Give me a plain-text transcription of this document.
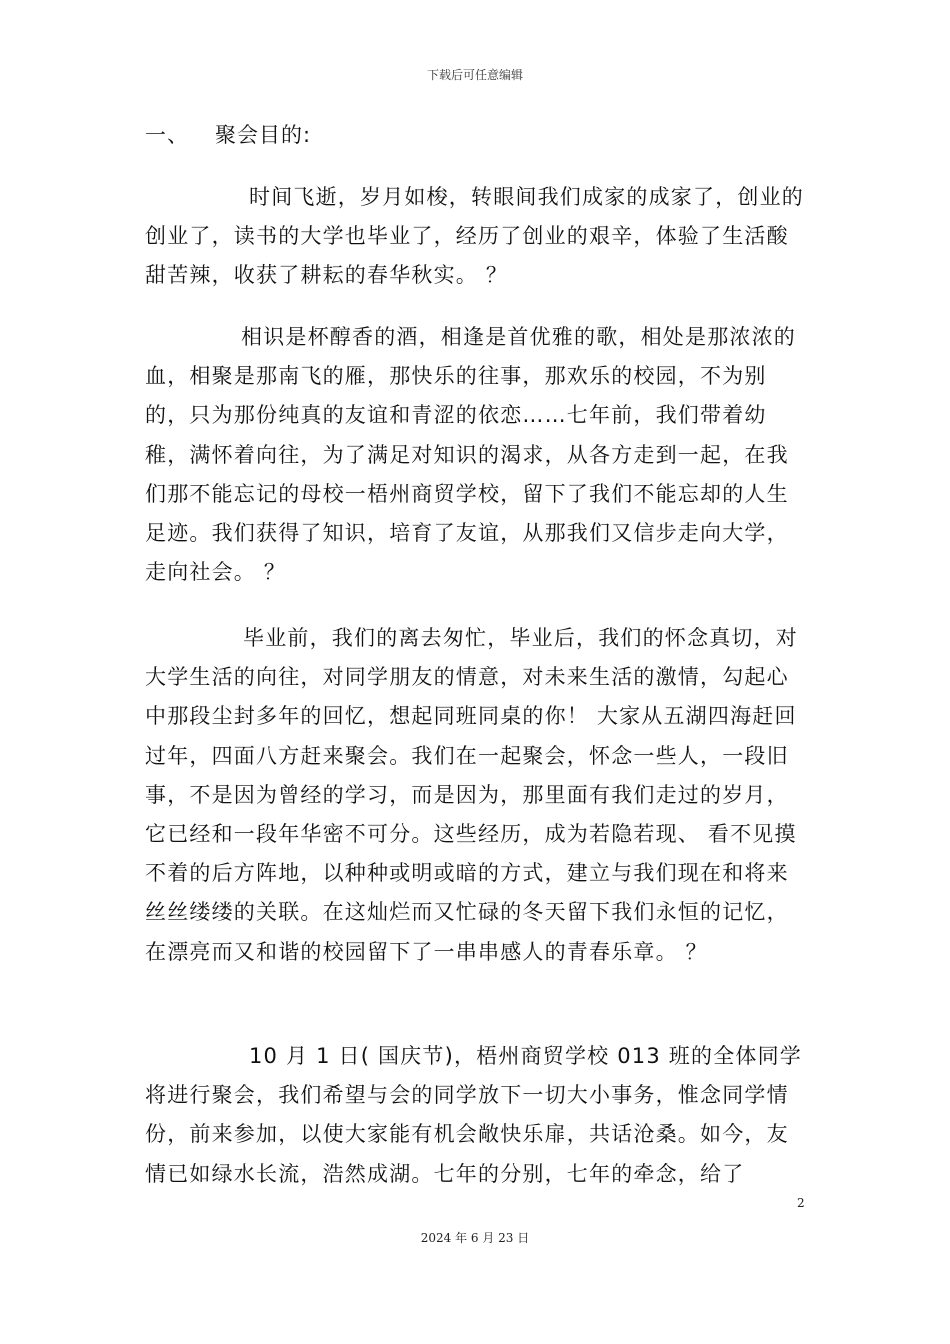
下载后可任意编辑
一、 聚会目的:
时间飞逝，岁月如梭，转眼间我们成家的成家了，创业的创业了，读书的大学也毕业了，经历了创业的艰辛，体验了生活酸甜苦辣，收获了耕耘的春华秋实。 ？
相识是杯醇香的酒，相逢是首优雅的歌，相处是那浓浓的血，相聚是那南飞的雁，那快乐的往事，那欢乐的校园，不为别的，只为那份纯真的友谊和青涩的依恋……七年前，我们带着幼稚，满怀着向往，为了满足对知识的渴求，从各方走到一起，在我们那不能忘记的母校一梧州商贸学校，留下了我们不能忘却的人生足迹。我们获得了知识，培育了友谊，从那我们又信步走向大学，走向社会。 ？
毕业前，我们的离去匆忙，毕业后，我们的怀念真切，对大学生活的向往，对同学朋友的情意，对未来生活的激情，勾起心中那段尘封多年的回忆，想起同班同桌的你！ 大家从五湖四海赶回过年，四面八方赶来聚会。我们在一起聚会，怀念一些人，一段旧事，不是因为曾经的学习，而是因为，那里面有我们走过的岁月，它已经和一段年华密不可分。这些经历，成为若隐若现、 看不见摸不着的后方阵地，以种种或明或暗的方式，建立与我们现在和将来丝丝缕缕的关联。在这灿烂而又忙碌的冬天留下我们永恒的记忆，在漂亮而又和谐的校园留下了一串串感人的青春乐章。 ？
10 月 1 日( 国庆节)，梧州商贸学校 013 班的全体同学将进行聚会，我们希望与会的同学放下一切大小事务，惟念同学情份，前来参加，以使大家能有机会敞快乐扉，共话沧桑。如今，友情已如绿水长流，浩然成湖。七年的分别，七年的牵念，给了
2
2024 年 6 月 23 日
